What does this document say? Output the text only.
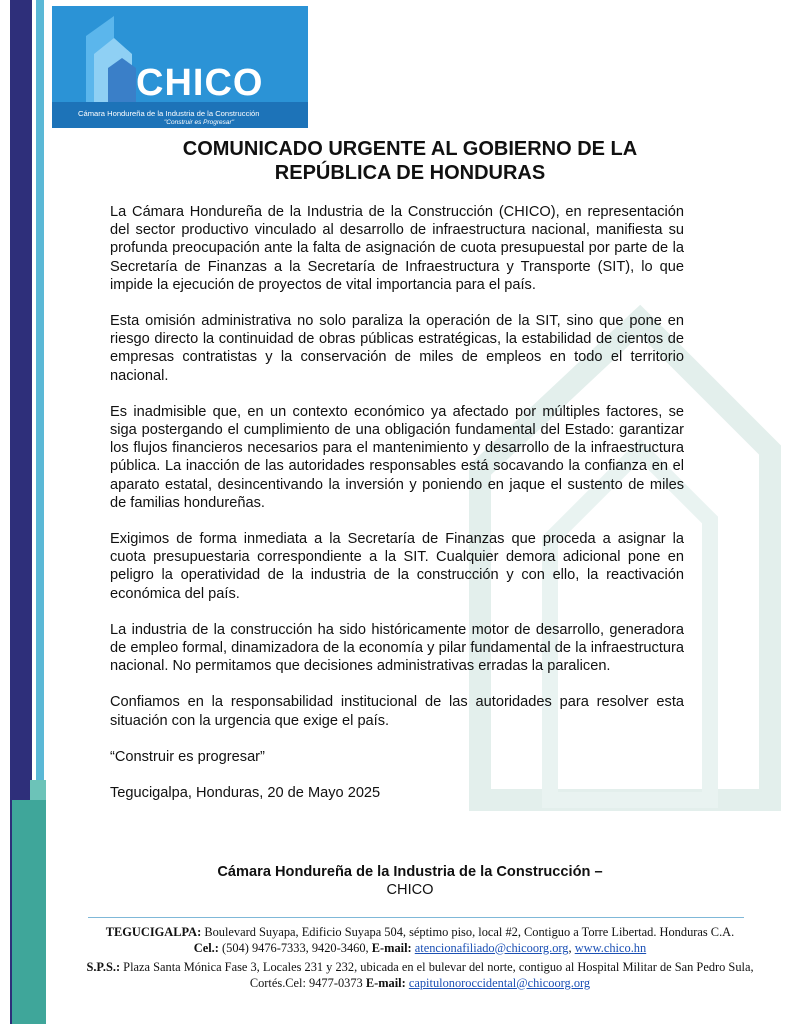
CHICO
Cámara Hondureña de la Industria de la Construcción
"Construir es Progresar"
COMUNICADO URGENTE AL GOBIERNO DE LA
REPÚBLICA DE HONDURAS

La Cámara Hondureña de la Industria de la Construcción (CHICO), en representación del sector productivo vinculado al desarrollo de infraestructura nacional, manifiesta su profunda preocupación ante la falta de asignación de cuota presupuestal por parte de la Secretaría de Finanzas a la Secretaría de Infraestructura y Transporte (SIT), lo que impide la ejecución de proyectos de vital importancia para el país.

Esta omisión administrativa no solo paraliza la operación de la SIT, sino que pone en riesgo directo la continuidad de obras públicas estratégicas, la estabilidad de cientos de empresas contratistas y la conservación de miles de empleos en todo el territorio nacional.

Es inadmisible que, en un contexto económico ya afectado por múltiples factores, se siga postergando el cumplimiento de una obligación fundamental del Estado: garantizar los flujos financieros necesarios para el mantenimiento y desarrollo de la infraestructura pública. La inacción de las autoridades responsables está socavando la confianza en el aparato estatal, desincentivando la inversión y poniendo en jaque el sustento de miles de familias hondureñas.

Exigimos de forma inmediata a la Secretaría de Finanzas que proceda a asignar la cuota presupuestaria correspondiente a la SIT. Cualquier demora adicional pone en peligro la operatividad de la industria de la construcción y con ello, la reactivación económica del país.

La industria de la construcción ha sido históricamente motor de desarrollo, generadora de empleo formal, dinamizadora de la economía y pilar fundamental de la infraestructura nacional. No permitamos que decisiones administrativas erradas la paralicen.

Confiamos en la responsabilidad institucional de las autoridades para resolver esta situación con la urgencia que exige el país.

“Construir es progresar”

Tegucigalpa, Honduras, 20 de Mayo 2025

Cámara Hondureña de la Industria de la Construcción –
CHICO
TEGUCIGALPA: Boulevard Suyapa, Edificio Suyapa 504, séptimo piso, local #2, Contiguo a Torre Libertad. Honduras C.A.
Cel.: (504) 9476-7333, 9420-3460, E-mail: atencionafiliado@chicoorg.org, www.chico.hn
S.P.S.: Plaza Santa Mónica Fase 3, Locales 231 y 232, ubicada en el bulevar del norte, contiguo al Hospital Militar de San Pedro Sula, Cortés.Cel: 9477-0373 E-mail: capitulonoroccidental@chicoorg.org
